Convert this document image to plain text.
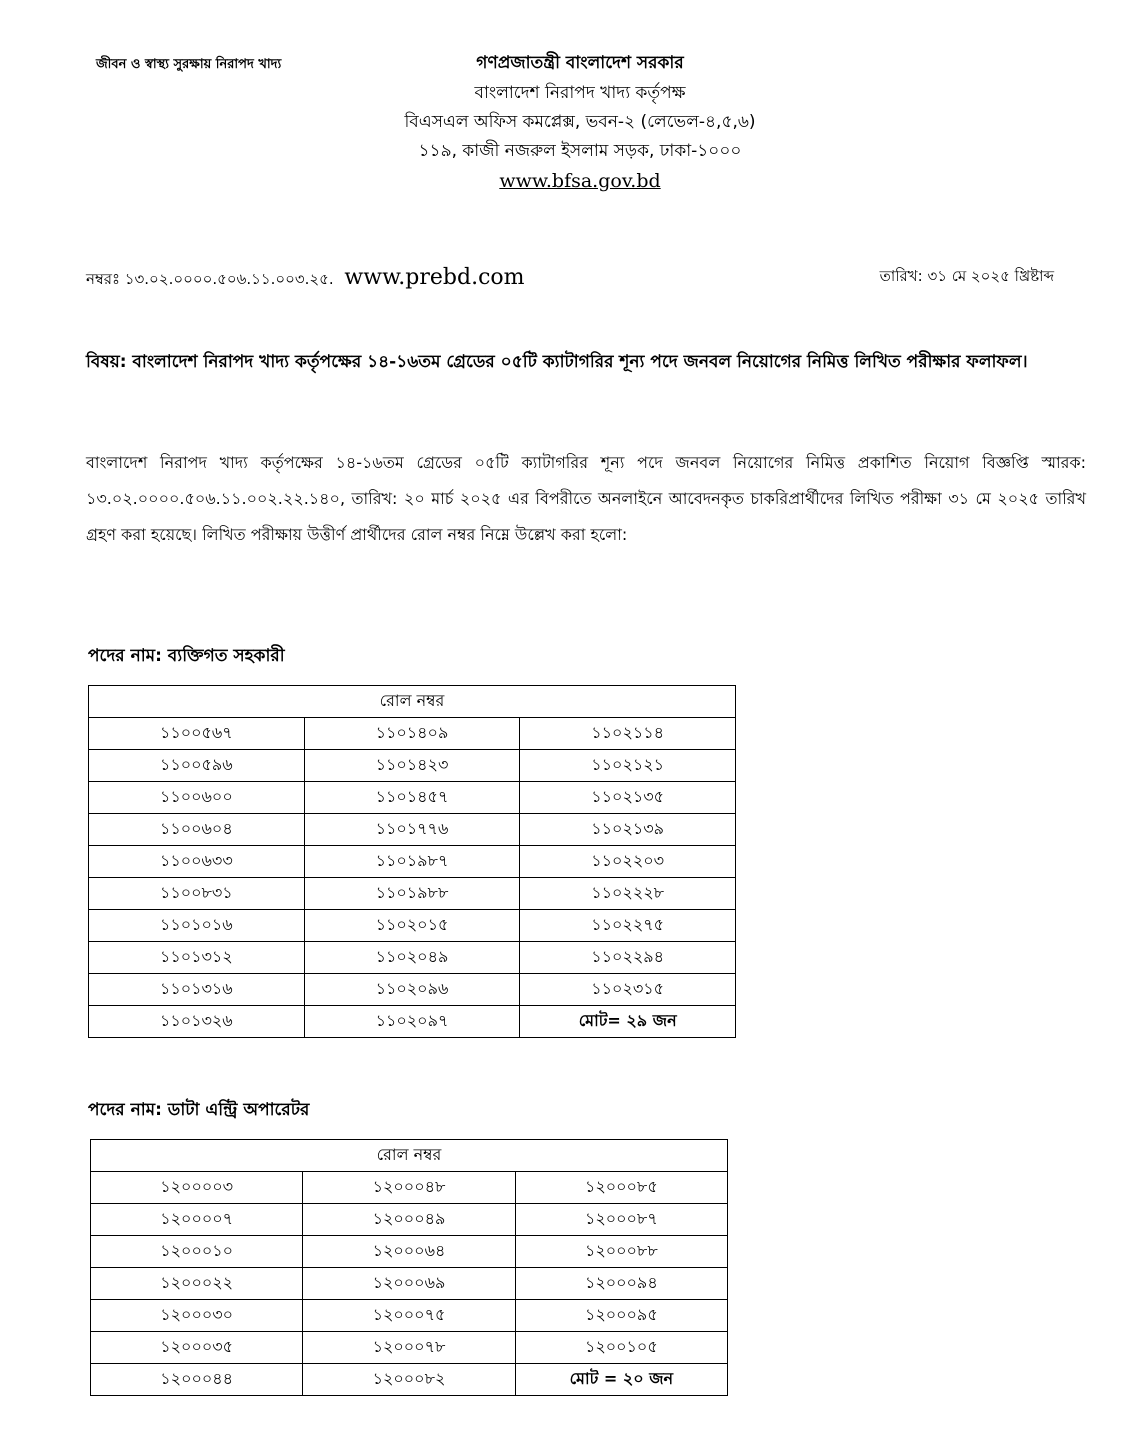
জীবন ও স্বাস্থ্য সুরক্ষায় নিরাপদ খাদ্য	গণপ্রজাতন্ত্রী বাংলাদেশ সরকার
বাংলাদেশ নিরাপদ খাদ্য কর্তৃপক্ষ
বিএসএল অফিস কমপ্লেক্স, ভবন-২ (লেভেল-৪,৫,৬)
১১৯, কাজী নজরুল ইসলাম সড়ক, ঢাকা-১০০০
www.bfsa.gov.bd
নম্বরঃ ১৩.০২.০০০০.৫০৬.১১.০০৩.২৫. www.prebd.com	তারিখ: ৩১ মে ২০২৫ খ্রিষ্টাব্দ
বিষয়: বাংলাদেশ নিরাপদ খাদ্য কর্তৃপক্ষের ১৪-১৬তম গ্রেডের ০৫টি ক্যাটাগরির শূন্য পদে জনবল নিয়োগের নিমিত্ত লিখিত পরীক্ষার ফলাফল।
বাংলাদেশ নিরাপদ খাদ্য কর্তৃপক্ষের ১৪-১৬তম গ্রেডের ০৫টি ক্যাটাগরির শূন্য পদে জনবল নিয়োগের নিমিত্ত প্রকাশিত নিয়োগ বিজ্ঞপ্তি স্মারক: ১৩.০২.০০০০.৫০৬.১১.০০২.২২.১৪০, তারিখ: ২০ মার্চ ২০২৫ এর বিপরীতে অনলাইনে আবেদনকৃত চাকরিপ্রার্থীদের লিখিত পরীক্ষা ৩১ মে ২০২৫ তারিখ গ্রহণ করা হয়েছে। লিখিত পরীক্ষায় উত্তীর্ণ প্রার্থীদের রোল নম্বর নিম্নে উল্লেখ করা হলো:
পদের নাম: ব্যক্তিগত সহকারী
রোল নম্বর		
১১০০৫৬৭	১১০১৪০৯	১১০২১১৪
১১০০৫৯৬	১১০১৪২৩	১১০২১২১
১১০০৬০০	১১০১৪৫৭	১১০২১৩৫
১১০০৬০৪	১১০১৭৭৬	১১০২১৩৯
১১০০৬৩৩	১১০১৯৮৭	১১০২২০৩
১১০০৮৩১	১১০১৯৮৮	১১০২২২৮
১১০১০১৬	১১০২০১৫	১১০২২৭৫
১১০১৩১২	১১০২০৪৯	১১০২২৯৪
১১০১৩১৬	১১০২০৯৬	১১০২৩১৫
১১০১৩২৬	১১০২০৯৭	মোট= ২৯ জন
পদের নাম: ডাটা এন্ট্রি অপারেটর
রোল নম্বর		
১২০০০০৩	১২০০০৪৮	১২০০০৮৫
১২০০০০৭	১২০০০৪৯	১২০০০৮৭
১২০০০১০	১২০০০৬৪	১২০০০৮৮
১২০০০২২	১২০০০৬৯	১২০০০৯৪
১২০০০৩০	১২০০০৭৫	১২০০০৯৫
১২০০০৩৫	১২০০০৭৮	১২০০১০৫
১২০০০৪৪	১২০০০৮২	মোট = ২০ জন
